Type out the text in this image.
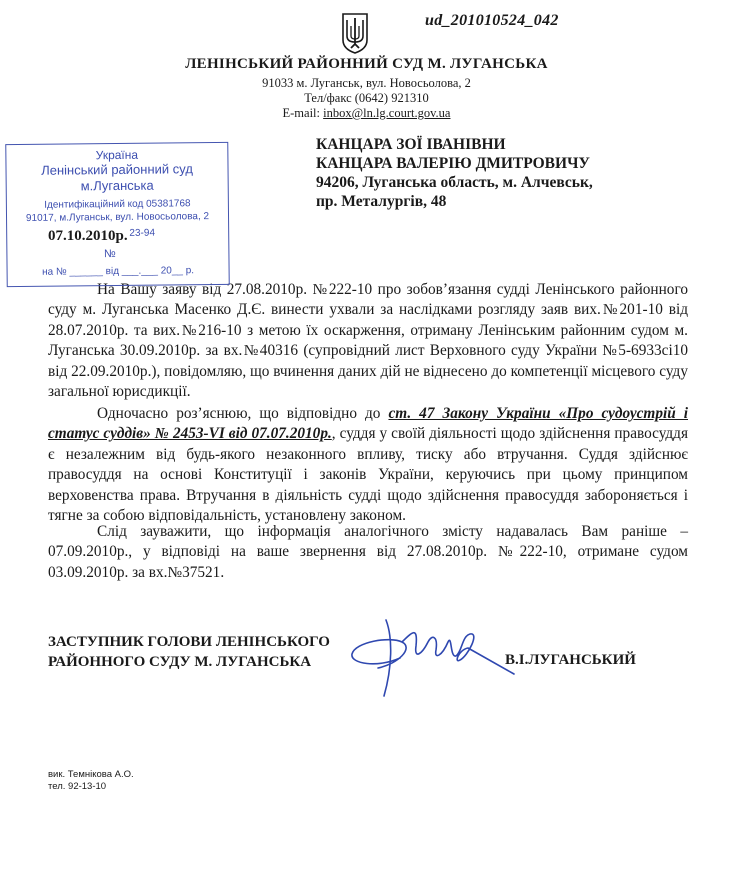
ud_201010524_042
ЛЕНІНСЬКИЙ РАЙОННИЙ СУД М. ЛУГАНСЬКА
91033 м. Луганськ, вул. Новосьолова, 2
Тел/факс (0642) 921310
E-mail: inbox@ln.lg.court.gov.ua
КАНЦАРА ЗОЇ ІВАНІВНИ
КАНЦАРА ВАЛЕРІЮ ДМИТРОВИЧУ
94206, Луганська область, м. Алчевськ,
пр. Металургів, 48
Україна
Ленінський районний суд
м.Луганська
Ідентифікаційний код 05381768
91017, м.Луганськ, вул. Новосьолова, 2
23-94
№
на № ______ від ___.___ 20__ р.
07.10.2010р.

На Вашу заяву від 27.08.2010р. №222-10 про зобов’язання судді Ленінського районного суду м. Луганська Масенко Д.Є. винести ухвали за наслідками розгляду заяв вих.№201-10 від 28.07.2010р. та вих.№216-10 з метою їх оскарження, отриману Ленінським районним судом м. Луганська 30.09.2010р. за вх.№40316 (супровідний лист Верховного суду України №5-6933сі10 від 22.09.2010р.), повідомляю, що вчинення даних дій не віднесено до компетенції місцевого суду загальної юрисдикції.

Одночасно роз’яснюю, що відповідно до ст. 47 Закону України «Про судоустрій і статус суддів» № 2453-VI від 07.07.2010р., суддя у своїй діяльності щодо здійснення правосуддя є незалежним від будь-якого незаконного впливу, тиску або втручання. Суддя здійснює правосуддя на основі Конституції і законів України, керуючись при цьому принципом верховенства права. Втручання в діяльність судді щодо здійснення правосуддя забороняється і тягне за собою відповідальність, установлену законом.

Слід зауважити, що інформація аналогічного змісту надавалась Вам раніше – 07.09.2010р., у відповіді на ваше звернення від 27.08.2010р. №222-10, отримане судом 03.09.2010р. за вх.№37521.

ЗАСТУПНИК ГОЛОВИ ЛЕНІНСЬКОГО
РАЙОННОГО СУДУ М. ЛУГАНСЬКА	В.І.ЛУГАНСЬКИЙ
вик. Темнікова А.О.
тел. 92-13-10
